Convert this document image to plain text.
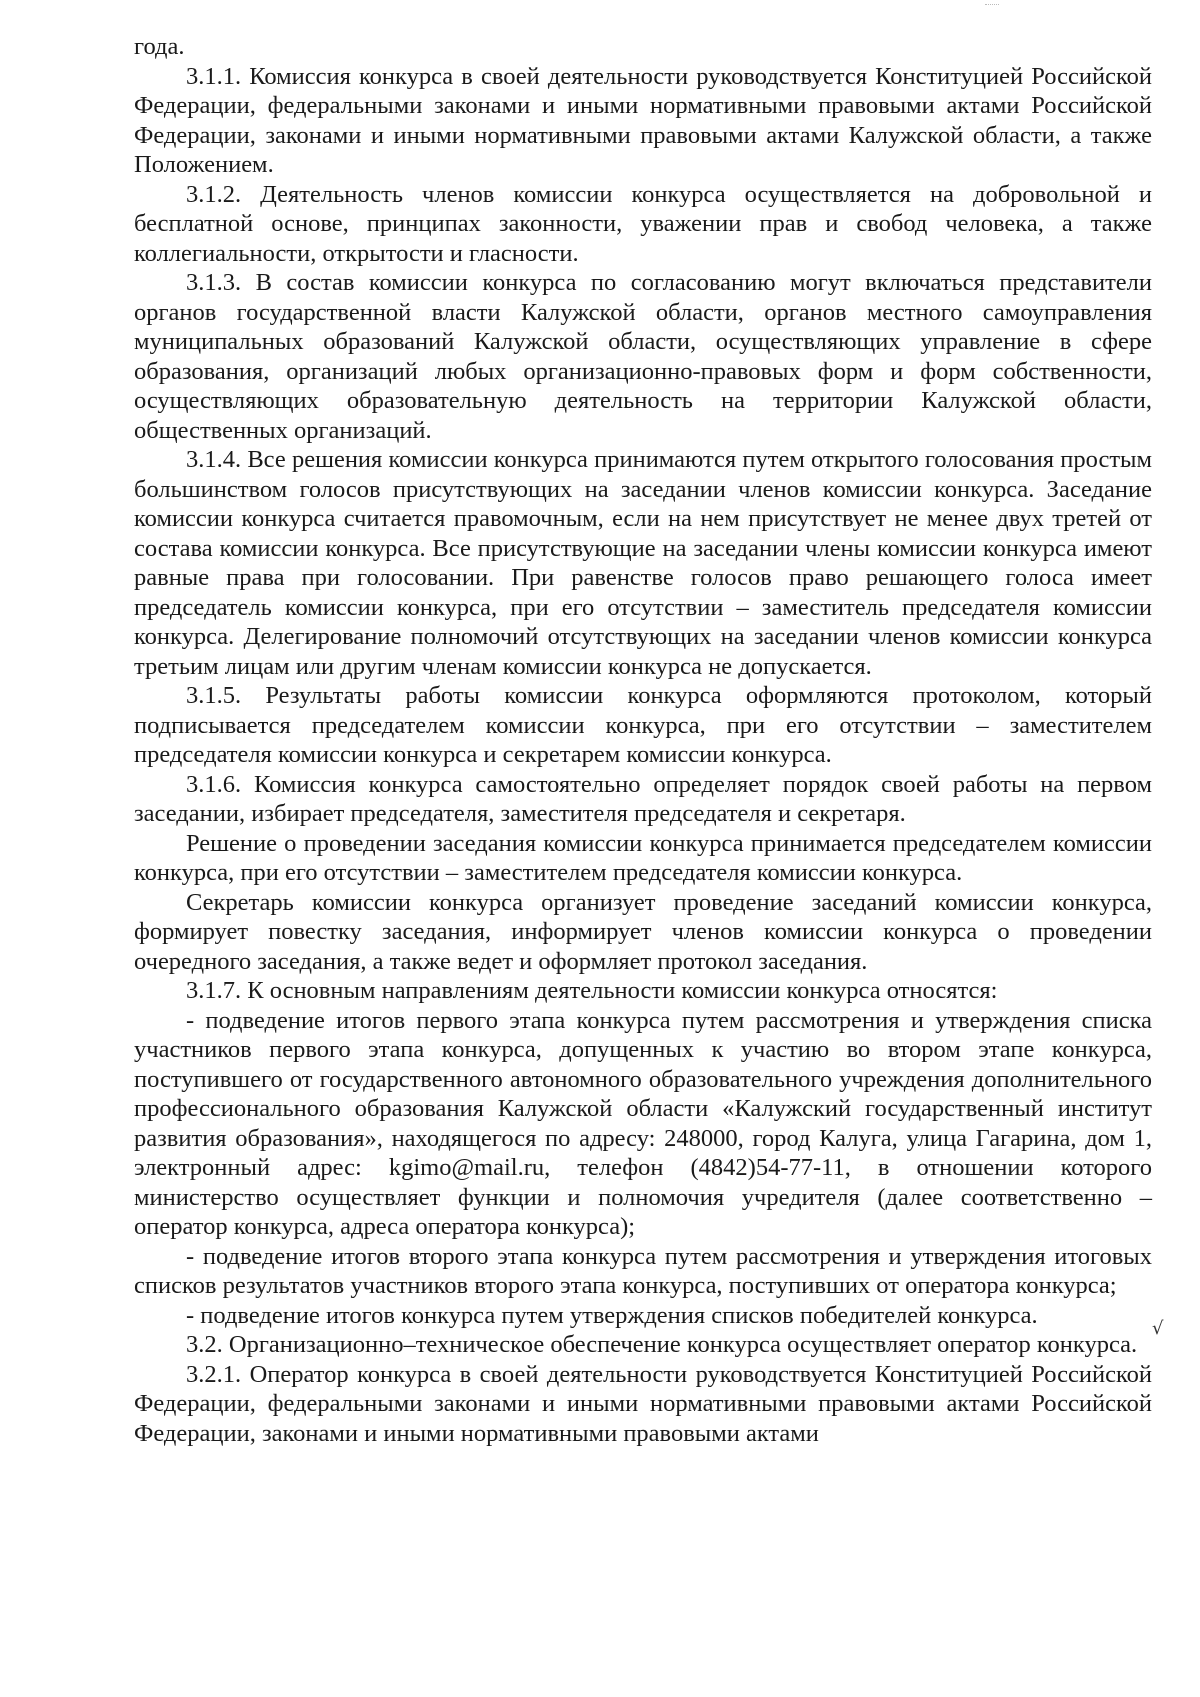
года.

3.1.1. Комиссия конкурса в своей деятельности руководствуется Конституцией Российской Федерации, федеральными законами и иными нормативными правовыми актами Российской Федерации, законами и иными нормативными правовыми актами Калужской области, а также Положением.

3.1.2. Деятельность членов комиссии конкурса осуществляется на добровольной и бесплатной основе, принципах законности, уважении прав и свобод человека, а также коллегиальности, открытости и гласности.

3.1.3. В состав комиссии конкурса по согласованию могут включаться представители органов государственной власти Калужской области, органов местного самоуправления муниципальных образований Калужской области, осуществляющих управление в сфере образования, организаций любых организационно-правовых форм и форм собственности, осуществляющих образовательную деятельность на территории Калужской области, общественных организаций.

3.1.4. Все решения комиссии конкурса принимаются путем открытого голосования простым большинством голосов присутствующих на заседании членов комиссии конкурса. Заседание комиссии конкурса считается правомочным, если на нем присутствует не менее двух третей от состава комиссии конкурса. Все присутствующие на заседании члены комиссии конкурса имеют равные права при голосовании. При равенстве голосов право решающего голоса имеет председатель комиссии конкурса, при его отсутствии – заместитель председателя комиссии конкурса. Делегирование полномочий отсутствующих на заседании членов комиссии конкурса третьим лицам или другим членам комиссии конкурса не допускается.

3.1.5. Результаты работы комиссии конкурса оформляются протоколом, который подписывается председателем комиссии конкурса, при его отсутствии – заместителем председателя комиссии конкурса и секретарем комиссии конкурса.

3.1.6. Комиссия конкурса самостоятельно определяет порядок своей работы на первом заседании, избирает председателя, заместителя председателя и секретаря.

Решение о проведении заседания комиссии конкурса принимается председателем комиссии конкурса, при его отсутствии – заместителем председателя комиссии конкурса.

Секретарь комиссии конкурса организует проведение заседаний комиссии конкурса, формирует повестку заседания, информирует членов комиссии конкурса о проведении очередного заседания, а также ведет и оформляет протокол заседания.

3.1.7. К основным направлениям деятельности комиссии конкурса относятся:

- подведение итогов первого этапа конкурса путем рассмотрения и утверждения списка участников первого этапа конкурса, допущенных к участию во втором этапе конкурса, поступившего от государственного автономного образовательного учреждения дополнительного профессионального образования Калужской области «Калужский государственный институт развития образования», находящегося по адресу: 248000, город Калуга, улица Гагарина, дом 1, электронный адрес: kgimo@mail.ru, телефон (4842)54-77-11, в отношении которого министерство осуществляет функции и полномочия учредителя (далее соответственно – оператор конкурса, адреса оператора конкурса);

- подведение итогов второго этапа конкурса путем рассмотрения и утверждения итоговых списков результатов участников второго этапа конкурса, поступивших от оператора конкурса;

- подведение итогов конкурса путем утверждения списков победителей конкурса.

3.2. Организационно–техническое обеспечение конкурса осуществляет оператор конкурса.

3.2.1. Оператор конкурса в своей деятельности руководствуется Конституцией Российской Федерации, федеральными законами и иными нормативными правовыми актами Российской Федерации, законами и иными нормативными правовыми актами

√
